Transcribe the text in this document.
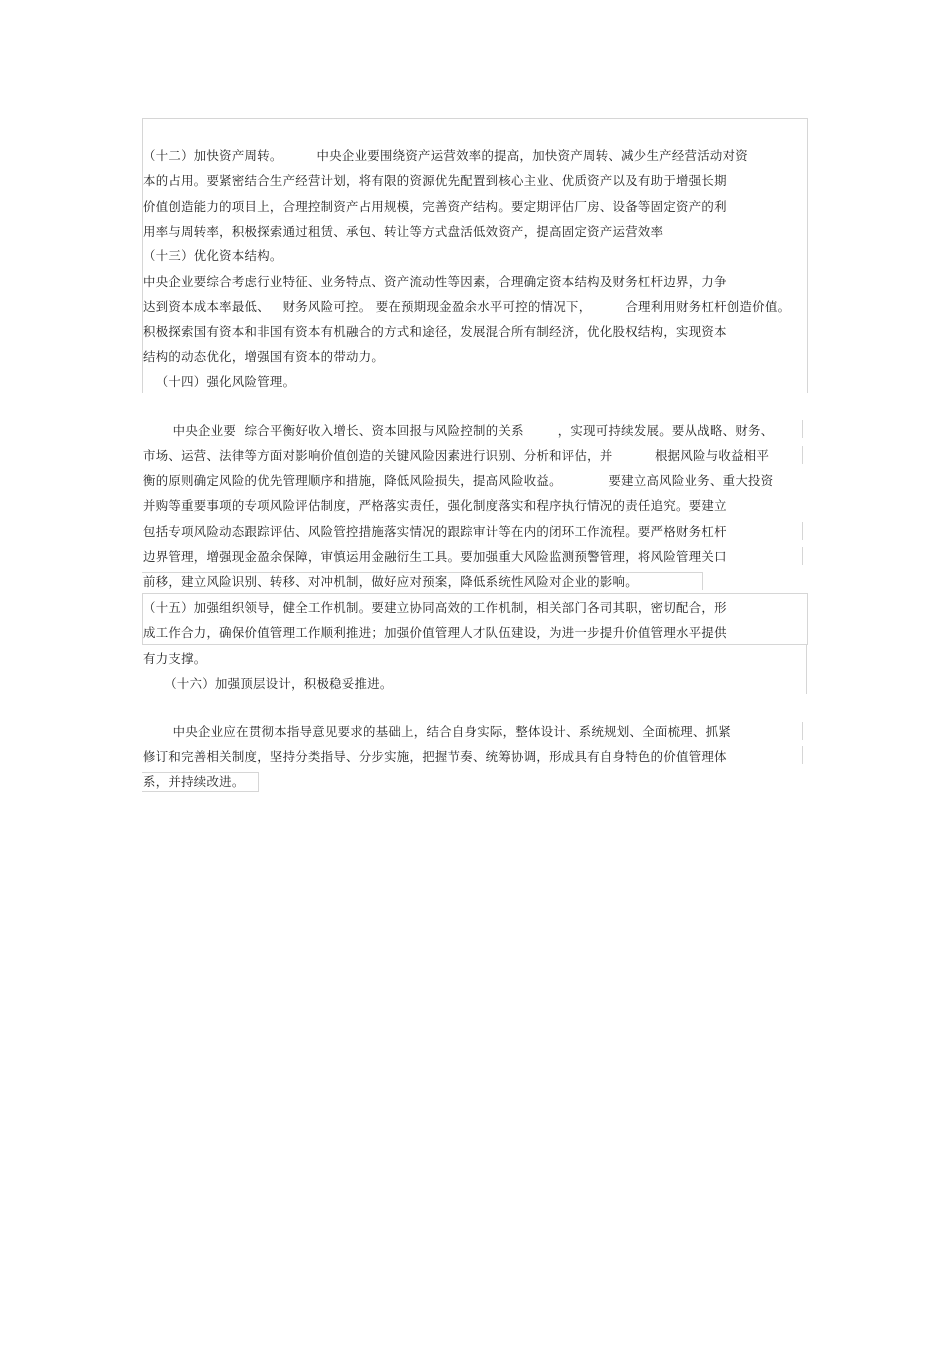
（十二）加快资产周转。        中央企业要围绕资产运营效率的提高，加快资产周转、减少生产经营活动对资
本的占用。要紧密结合生产经营计划，将有限的资源优先配置到核心主业、优质资产以及有助于增强长期
价值创造能力的项目上，合理控制资产占用规模，完善资产结构。要定期评估厂房、设备等固定资产的利
用率与周转率，积极探索通过租赁、承包、转让等方式盘活低效资产，提高固定资产运营效率
（十三）优化资本结构。
中央企业要综合考虑行业特征、业务特点、资产流动性等因素，合理确定资本结构及财务杠杆边界，力争
达到资本成本率最低、   财务风险可控。 要在预期现金盈余水平可控的情况下，        合理利用财务杠杆创造价值。
积极探索国有资本和非国有资本有机融合的方式和途径，发展混合所有制经济，优化股权结构，实现资本
结构的动态优化，增强国有资本的带动力。
（十四）强化风险管理。
中央企业要  综合平衡好收入增长、资本回报与风险控制的关系        ，实现可持续发展。要从战略、财务、
市场、运营、法律等方面对影响价值创造的关键风险因素进行识别、分析和评估，并          根据风险与收益相平
衡的原则确定风险的优先管理顺序和措施，降低风险损失，提高风险收益。           要建立高风险业务、重大投资
并购等重要事项的专项风险评估制度，严格落实责任，强化制度落实和程序执行情况的责任追究。要建立
包括专项风险动态跟踪评估、风险管控措施落实情况的跟踪审计等在内的闭环工作流程。要严格财务杠杆
边界管理，增强现金盈余保障，审慎运用金融衍生工具。要加强重大风险监测预警管理，将风险管理关口
前移，建立风险识别、转移、对冲机制，做好应对预案，降低系统性风险对企业的影响。
（十五）加强组织领导，健全工作机制。要建立协同高效的工作机制，相关部门各司其职，密切配合，形
成工作合力，确保价值管理工作顺利推进；加强价值管理人才队伍建设，为进一步提升价值管理水平提供
有力支撑。
（十六）加强顶层设计，积极稳妥推进。
中央企业应在贯彻本指导意见要求的基础上，结合自身实际，整体设计、系统规划、全面梳理、抓紧
修订和完善相关制度，坚持分类指导、分步实施，把握节奏、统筹协调，形成具有自身特色的价值管理体
系，并持续改进。
